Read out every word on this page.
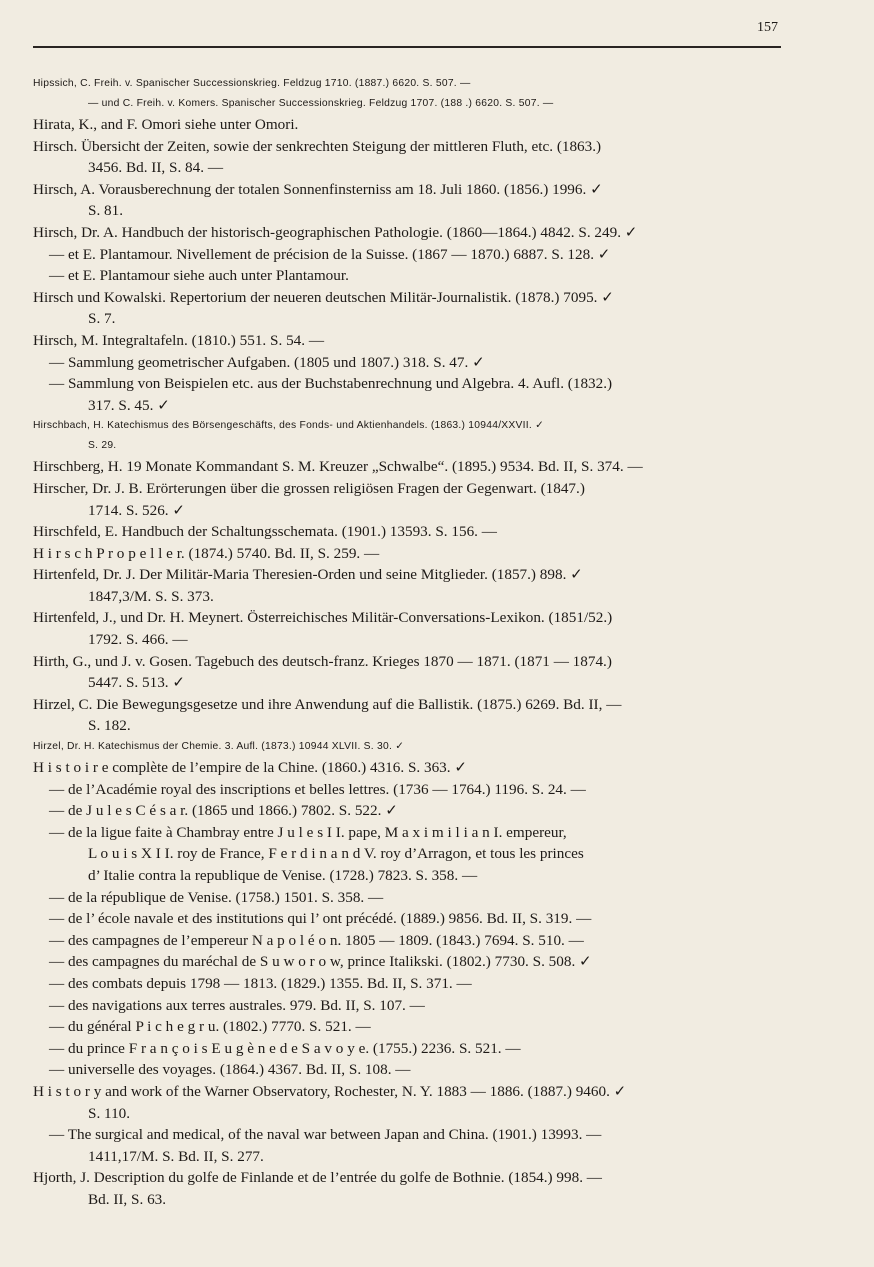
157
Hipssich, C. Freih. v. Spanischer Successionskrieg. Feldzug 1710. (1887.) 6620. S. 507. —
— und C. Freih. v. Komers. Spanischer Successionskrieg. Feldzug 1707. (188 .) 6620. S. 507. —
Hirata, K., and F. Omori siehe unter Omori.
Hirsch. Übersicht der Zeiten, sowie der senkrechten Steigung der mittleren Fluth, etc. (1863.)
3456. Bd. II, S. 84. —
Hirsch, A. Vorausberechnung der totalen Sonnenfinsterniss am 18. Juli 1860. (1856.) 1996. ✓
S. 81.
Hirsch, Dr. A. Handbuch der historisch-geographischen Pathologie. (1860—1864.) 4842. S. 249. ✓
— et E. Plantamour. Nivellement de précision de la Suisse. (1867 — 1870.) 6887. S. 128. ✓
— et E. Plantamour siehe auch unter Plantamour.
Hirsch und Kowalski. Repertorium der neueren deutschen Militär-Journalistik. (1878.) 7095. ✓
S. 7.
Hirsch, M. Integraltafeln. (1810.) 551. S. 54. —
— Sammlung geometrischer Aufgaben. (1805 und 1807.) 318. S. 47. ✓
— Sammlung von Beispielen etc. aus der Buchstabenrechnung und Algebra. 4. Aufl. (1832.)
317. S. 45. ✓
Hirschbach, H. Katechismus des Börsengeschäfts, des Fonds- und Aktienhandels. (1863.) 10944/XXVII. ✓
S. 29.
Hirschberg, H. 19 Monate Kommandant S. M. Kreuzer „Schwalbe“. (1895.) 9534. Bd. II, S. 374. —
Hirscher, Dr. J. B. Erörterungen über die grossen religiösen Fragen der Gegenwart. (1847.)
1714. S. 526. ✓
Hirschfeld, E. Handbuch der Schaltungsschemata. (1901.) 13593. S. 156. —
H i r s c h P r o p e l l e r. (1874.) 5740. Bd. II, S. 259. —
Hirtenfeld, Dr. J. Der Militär-Maria Theresien-Orden und seine Mitglieder. (1857.) 898. ✓
1847,3/M. S. S. 373.
Hirtenfeld, J., und Dr. H. Meynert. Österreichisches Militär-Conversations-Lexikon. (1851/52.)
1792. S. 466. —
Hirth, G., und J. v. Gosen. Tagebuch des deutsch-franz. Krieges 1870 — 1871. (1871 — 1874.)
5447. S. 513. ✓
Hirzel, C. Die Bewegungsgesetze und ihre Anwendung auf die Ballistik. (1875.) 6269. Bd. II, —
S. 182.
Hirzel, Dr. H. Katechismus der Chemie. 3. Aufl. (1873.) 10944 XLVII. S. 30. ✓
H i s t o i r e complète de l’empire de la Chine. (1860.) 4316. S. 363. ✓
— de l’Académie royal des inscriptions et belles lettres. (1736 — 1764.) 1196. S. 24. —
— de J u l e s C é s a r. (1865 und 1866.) 7802. S. 522. ✓
— de la ligue faite à Chambray entre J u l e s I I. pape, M a x i m i l i a n I. empereur,
L o u i s X I I. roy de France, F e r d i n a n d V. roy d’Arragon, et tous les princes
d’ Italie contra la republique de Venise. (1728.) 7823. S. 358. —
— de la république de Venise. (1758.) 1501. S. 358. —
— de l’ école navale et des institutions qui l’ ont précédé. (1889.) 9856. Bd. II, S. 319. —
— des campagnes de l’empereur N a p o l é o n. 1805 — 1809. (1843.) 7694. S. 510. —
— des campagnes du maréchal de S u w o r o w, prince Italikski. (1802.) 7730. S. 508. ✓
— des combats depuis 1798 — 1813. (1829.) 1355. Bd. II, S. 371. —
— des navigations aux terres australes. 979. Bd. II, S. 107. —
— du général P i c h e g r u. (1802.) 7770. S. 521. —
— du prince F r a n ç o i s E u g è n e d e S a v o y e. (1755.) 2236. S. 521. —
— universelle des voyages. (1864.) 4367. Bd. II, S. 108. —
H i s t o r y and work of the Warner Observatory, Rochester, N. Y. 1883 — 1886. (1887.) 9460. ✓
S. 110.
— The surgical and medical, of the naval war between Japan and China. (1901.) 13993. —
1411,17/M. S. Bd. II, S. 277.
Hjorth, J. Description du golfe de Finlande et de l’entrée du golfe de Bothnie. (1854.) 998. —
Bd. II, S. 63.
